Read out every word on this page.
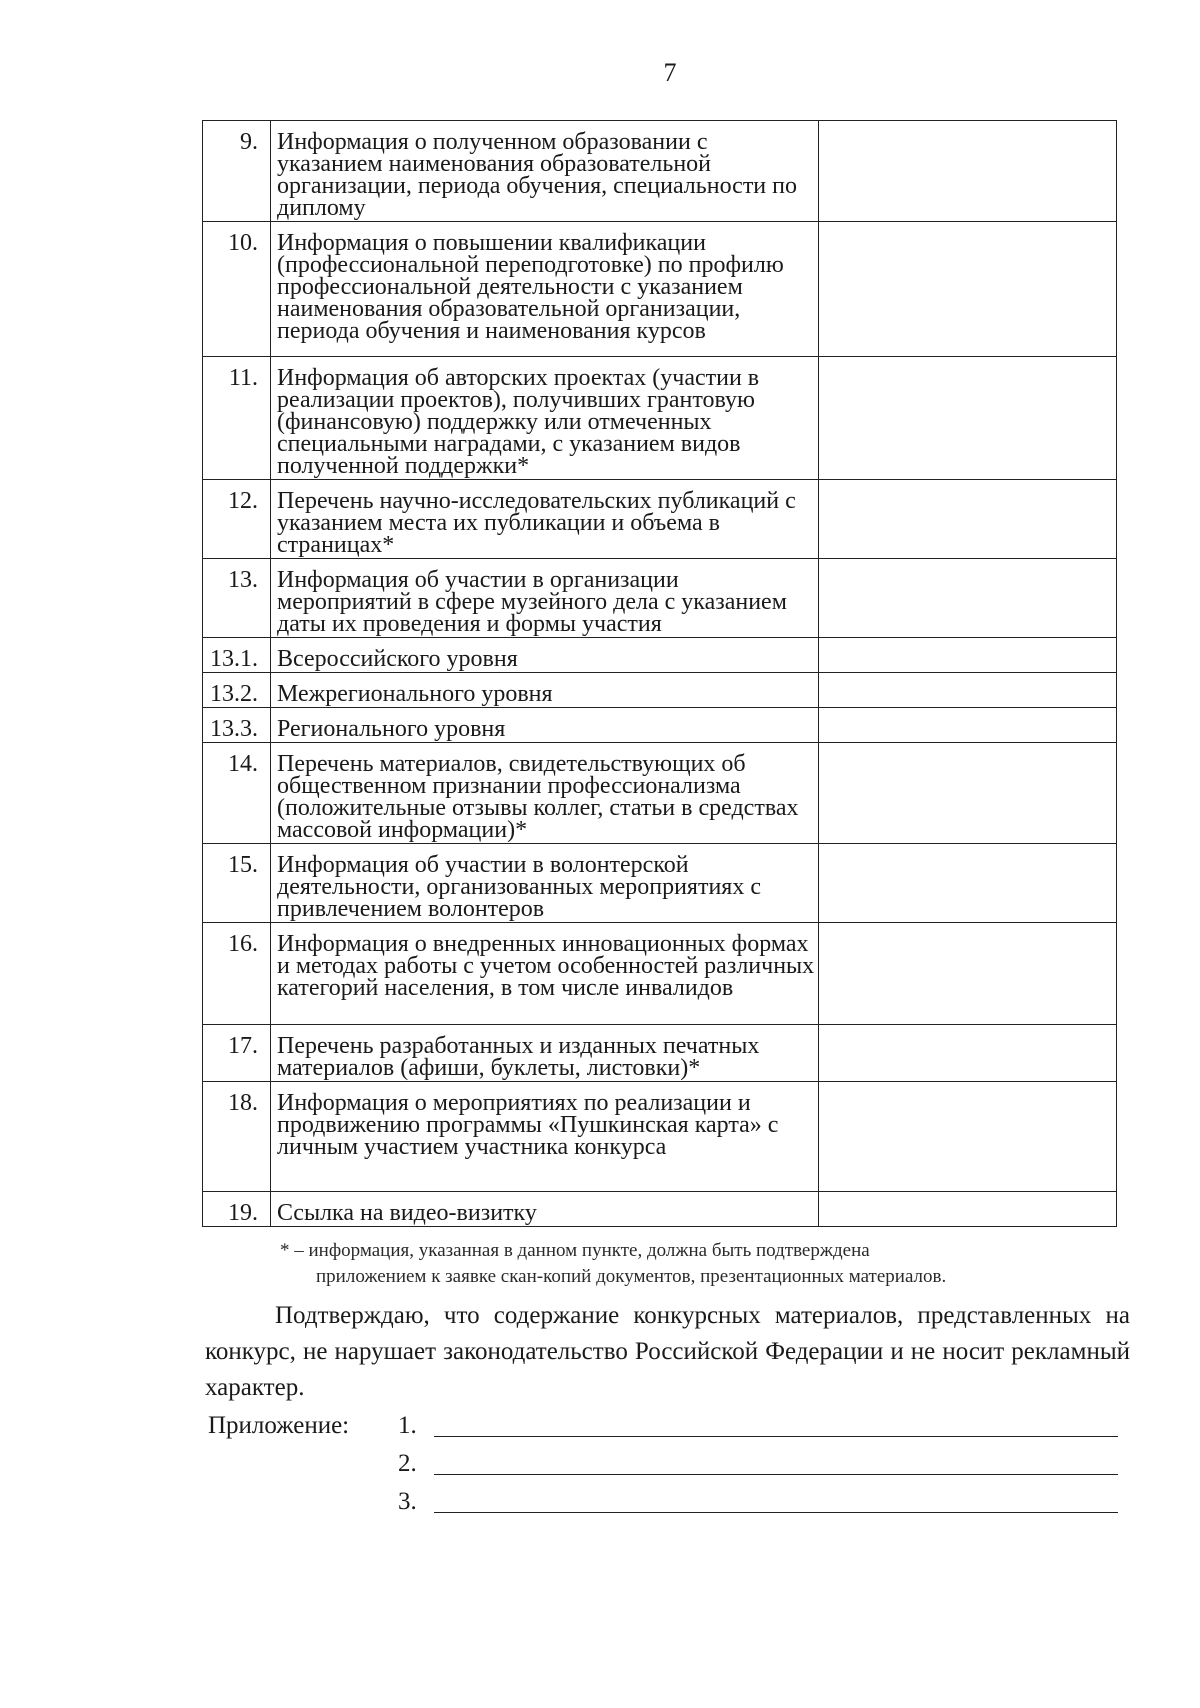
7
9.	Информация о полученном образовании с указанием наименования образовательной организации, периода обучения, специальности по диплому	
10.	Информация о повышении квалификации (профессиональной переподготовке) по профилю профессиональной деятельности с указанием наименования образовательной организации, периода обучения и наименования курсов	
11.	Информация об авторских проектах (участии в реализации проектов), получивших грантовую (финансовую) поддержку или отмеченных специальными наградами, с указанием видов полученной поддержки*	
12.	Перечень научно-исследовательских публикаций с указанием места их публикации и объема в страницах*	
13.	Информация об участии в организации мероприятий в сфере музейного дела с указанием даты их проведения и формы участия	
13.1.	Всероссийского уровня	
13.2.	Межрегионального уровня	
13.3.	Регионального уровня	
14.	Перечень материалов, свидетельствующих об общественном признании профессионализма (положительные отзывы коллег, статьи в средствах массовой информации)*	
15.	Информация об участии в волонтерской деятельности, организованных мероприятиях с привлечением волонтеров	
16.	Информация о внедренных инновационных формах и методах работы с учетом особенностей различных категорий населения, в том числе инвалидов	
17.	Перечень разработанных и изданных печатных материалов (афиши, буклеты, листовки)*	
18.	Информация о мероприятиях по реализации и продвижению программы «Пушкинская карта» с личным участием участника конкурса	
19.	Ссылка на видео-визитку	
* – информация, указанная в данном пункте, должна быть подтверждена
приложением к заявке скан-копий документов, презентационных материалов.
Подтверждаю, что содержание конкурсных материалов, представленных на конкурс, не нарушает законодательство Российской Федерации и не носит рекламный характер.
Приложение: 1.
2.
3.
